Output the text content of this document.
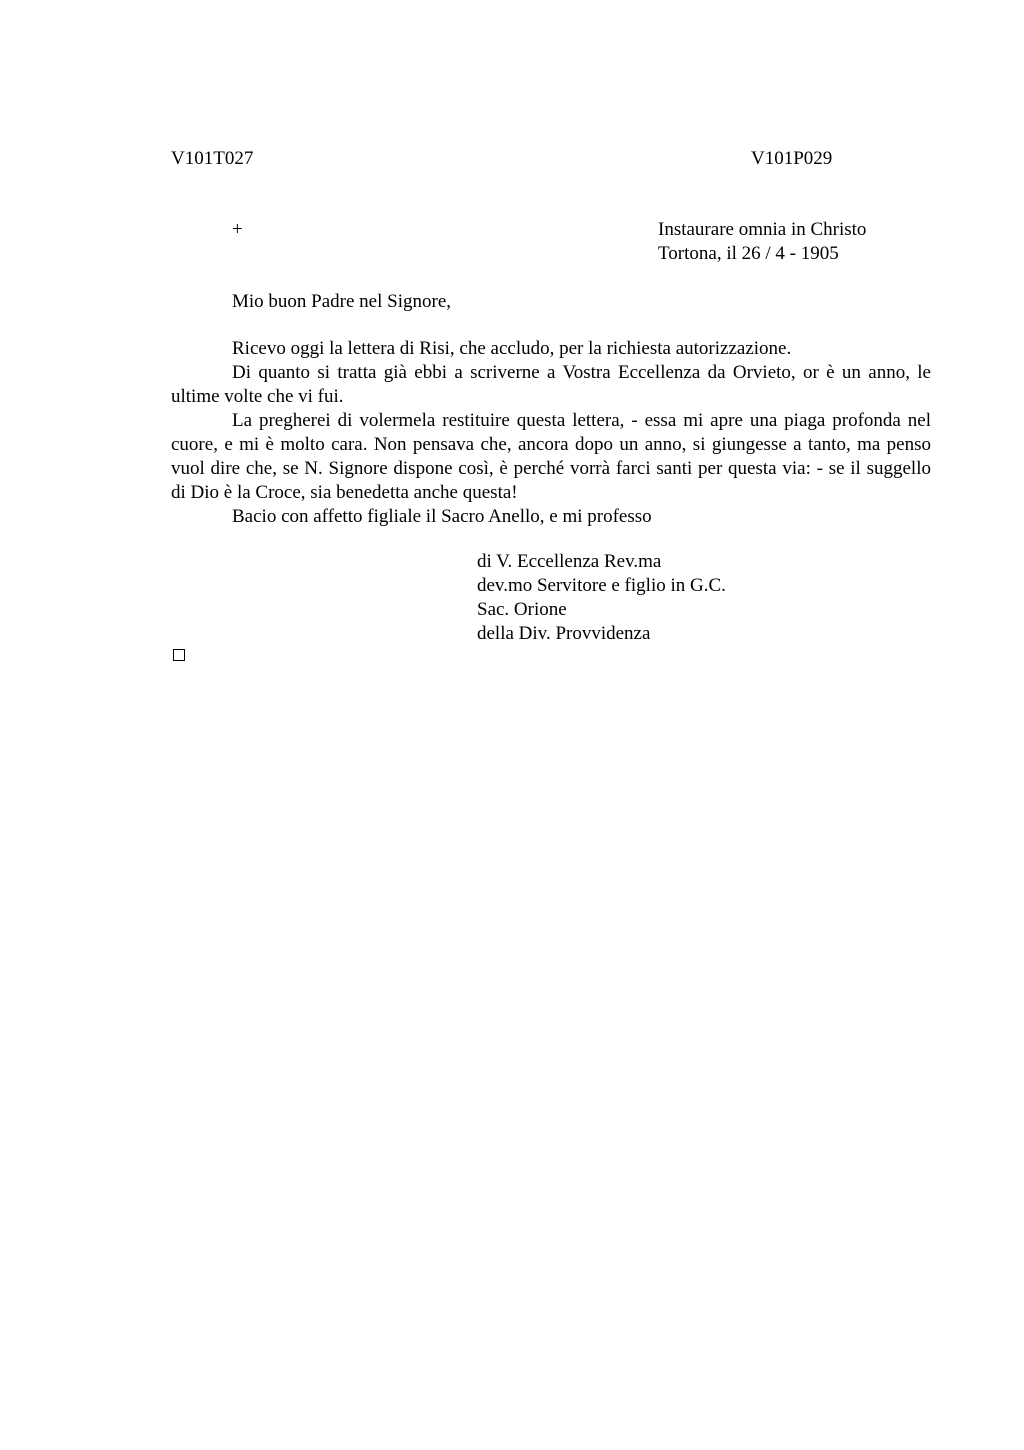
V101T027	V101P029
+	Instaurare omnia in Christo
Tortona, il 26 / 4 - 1905
Mio buon Padre nel Signore,

Ricevo oggi la lettera di Risi, che accludo, per la richiesta autorizzazione.

Di quanto si tratta già ebbi a scriverne a Vostra Eccellenza da Orvieto, or è un anno, le ultime volte che vi fui.

La pregherei di volermela restituire questa lettera, - essa mi apre una piaga profonda nel cuore, e mi è molto cara. Non pensava che, ancora dopo un anno, si giungesse a tanto, ma penso vuol dire che, se N. Signore dispone così, è perché vorrà farci santi per questa via: - se il suggello di Dio è la Croce, sia benedetta anche questa!

Bacio con affetto figliale il Sacro Anello, e mi professo

di V. Eccellenza Rev.ma
dev.mo Servitore e figlio in G.C.
Sac. Orione
della Div. Provvidenza
